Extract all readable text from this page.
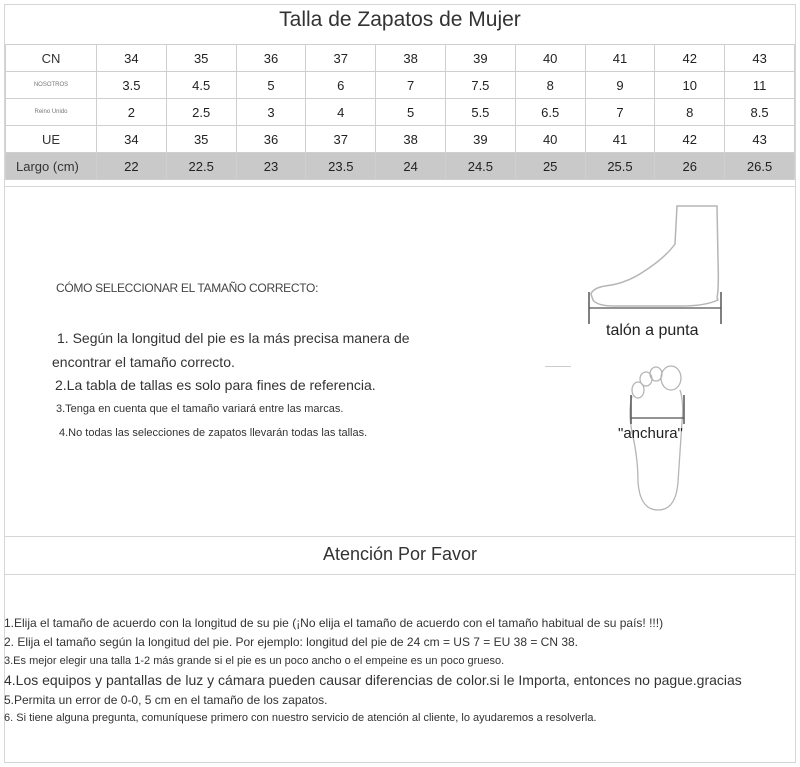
Talla de Zapatos de Mujer
CN	34	35	36	37	38	39	40	41	42	43
NOSOTROS	3.5	4.5	5	6	7	7.5	8	9	10	11
Reino Unido	2	2.5	3	4	5	5.5	6.5	7	8	8.5
UE	34	35	36	37	38	39	40	41	42	43
Largo (cm)	22	22.5	23	23.5	24	24.5	25	25.5	26	26.5
CÓMO SELECCIONAR EL TAMAÑO CORRECTO:
1. Según la longitud del pie es la más precisa manera de
encontrar el tamaño correcto.
2.La tabla de tallas es solo para fines de referencia.
3.Tenga en cuenta que el tamaño variará entre las marcas.
4.No todas las selecciones de zapatos llevarán todas las tallas.
talón a punta
"anchura"
Atención Por Favor
1.Elija el tamaño de acuerdo con la longitud de su pie (¡No elija el tamaño de acuerdo con el tamaño habitual de su país! !!!)
2. Elija el tamaño según la longitud del pie. Por ejemplo: longitud del pie de 24 cm = US 7 = EU 38 = CN 38.
3.Es mejor elegir una talla 1-2 más grande si el pie es un poco ancho o el empeine es un poco grueso.
4.Los equipos y pantallas de luz y cámara pueden causar diferencias de color.si le Importa, entonces no pague.gracias
5.Permita un error de 0-0, 5 cm en el tamaño de los zapatos.
6. Si tiene alguna pregunta, comuníquese primero con nuestro servicio de atención al cliente, lo ayudaremos a resolverla.
